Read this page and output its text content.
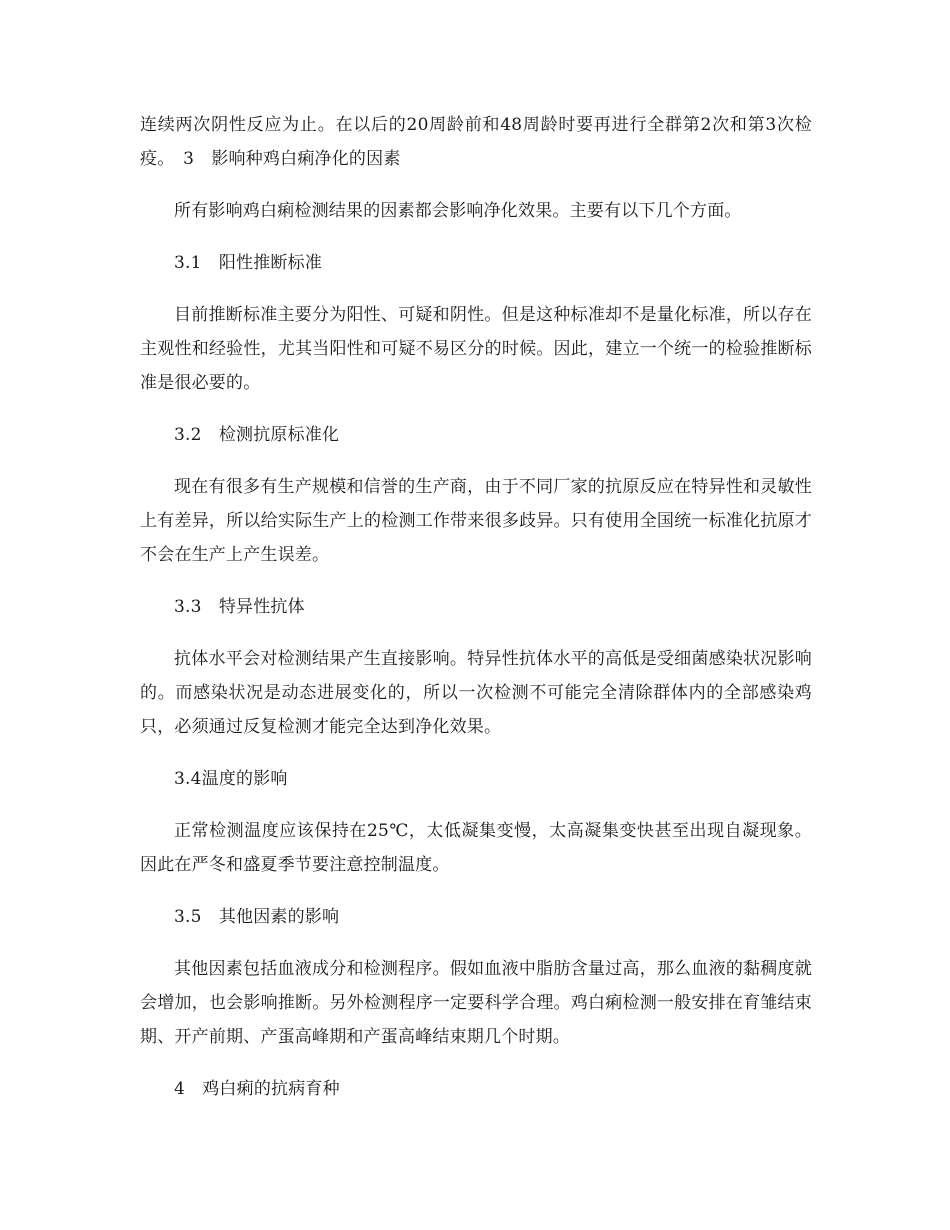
连续两次阴性反应为止。在以后的20周龄前和48周龄时要再进行全群第2次和第3次检疫。　3　影响种鸡白痢净化的因素

所有影响鸡白痢检测结果的因素都会影响净化效果。主要有以下几个方面。

3.1　阳性推断标准

目前推断标准主要分为阳性、可疑和阴性。但是这种标准却不是量化标准，所以存在主观性和经验性，尤其当阳性和可疑不易区分的时候。因此，建立一个统一的检验推断标准是很必要的。

3.2　检测抗原标准化

现在有很多有生产规模和信誉的生产商，由于不同厂家的抗原反应在特异性和灵敏性上有差异，所以给实际生产上的检测工作带来很多歧异。只有使用全国统一标准化抗原才不会在生产上产生误差。

3.3　特异性抗体

抗体水平会对检测结果产生直接影响。特异性抗体水平的高低是受细菌感染状况影响的。而感染状况是动态进展变化的，所以一次检测不可能完全清除群体内的全部感染鸡只，必须通过反复检测才能完全达到净化效果。

3.4温度的影响

正常检测温度应该保持在25℃，太低凝集变慢，太高凝集变快甚至出现自凝现象。因此在严冬和盛夏季节要注意控制温度。

3.5　其他因素的影响

其他因素包括血液成分和检测程序。假如血液中脂肪含量过高，那么血液的黏稠度就会增加，也会影响推断。另外检测程序一定要科学合理。鸡白痢检测一般安排在育雏结束期、开产前期、产蛋高峰期和产蛋高峰结束期几个时期。

4　鸡白痢的抗病育种
